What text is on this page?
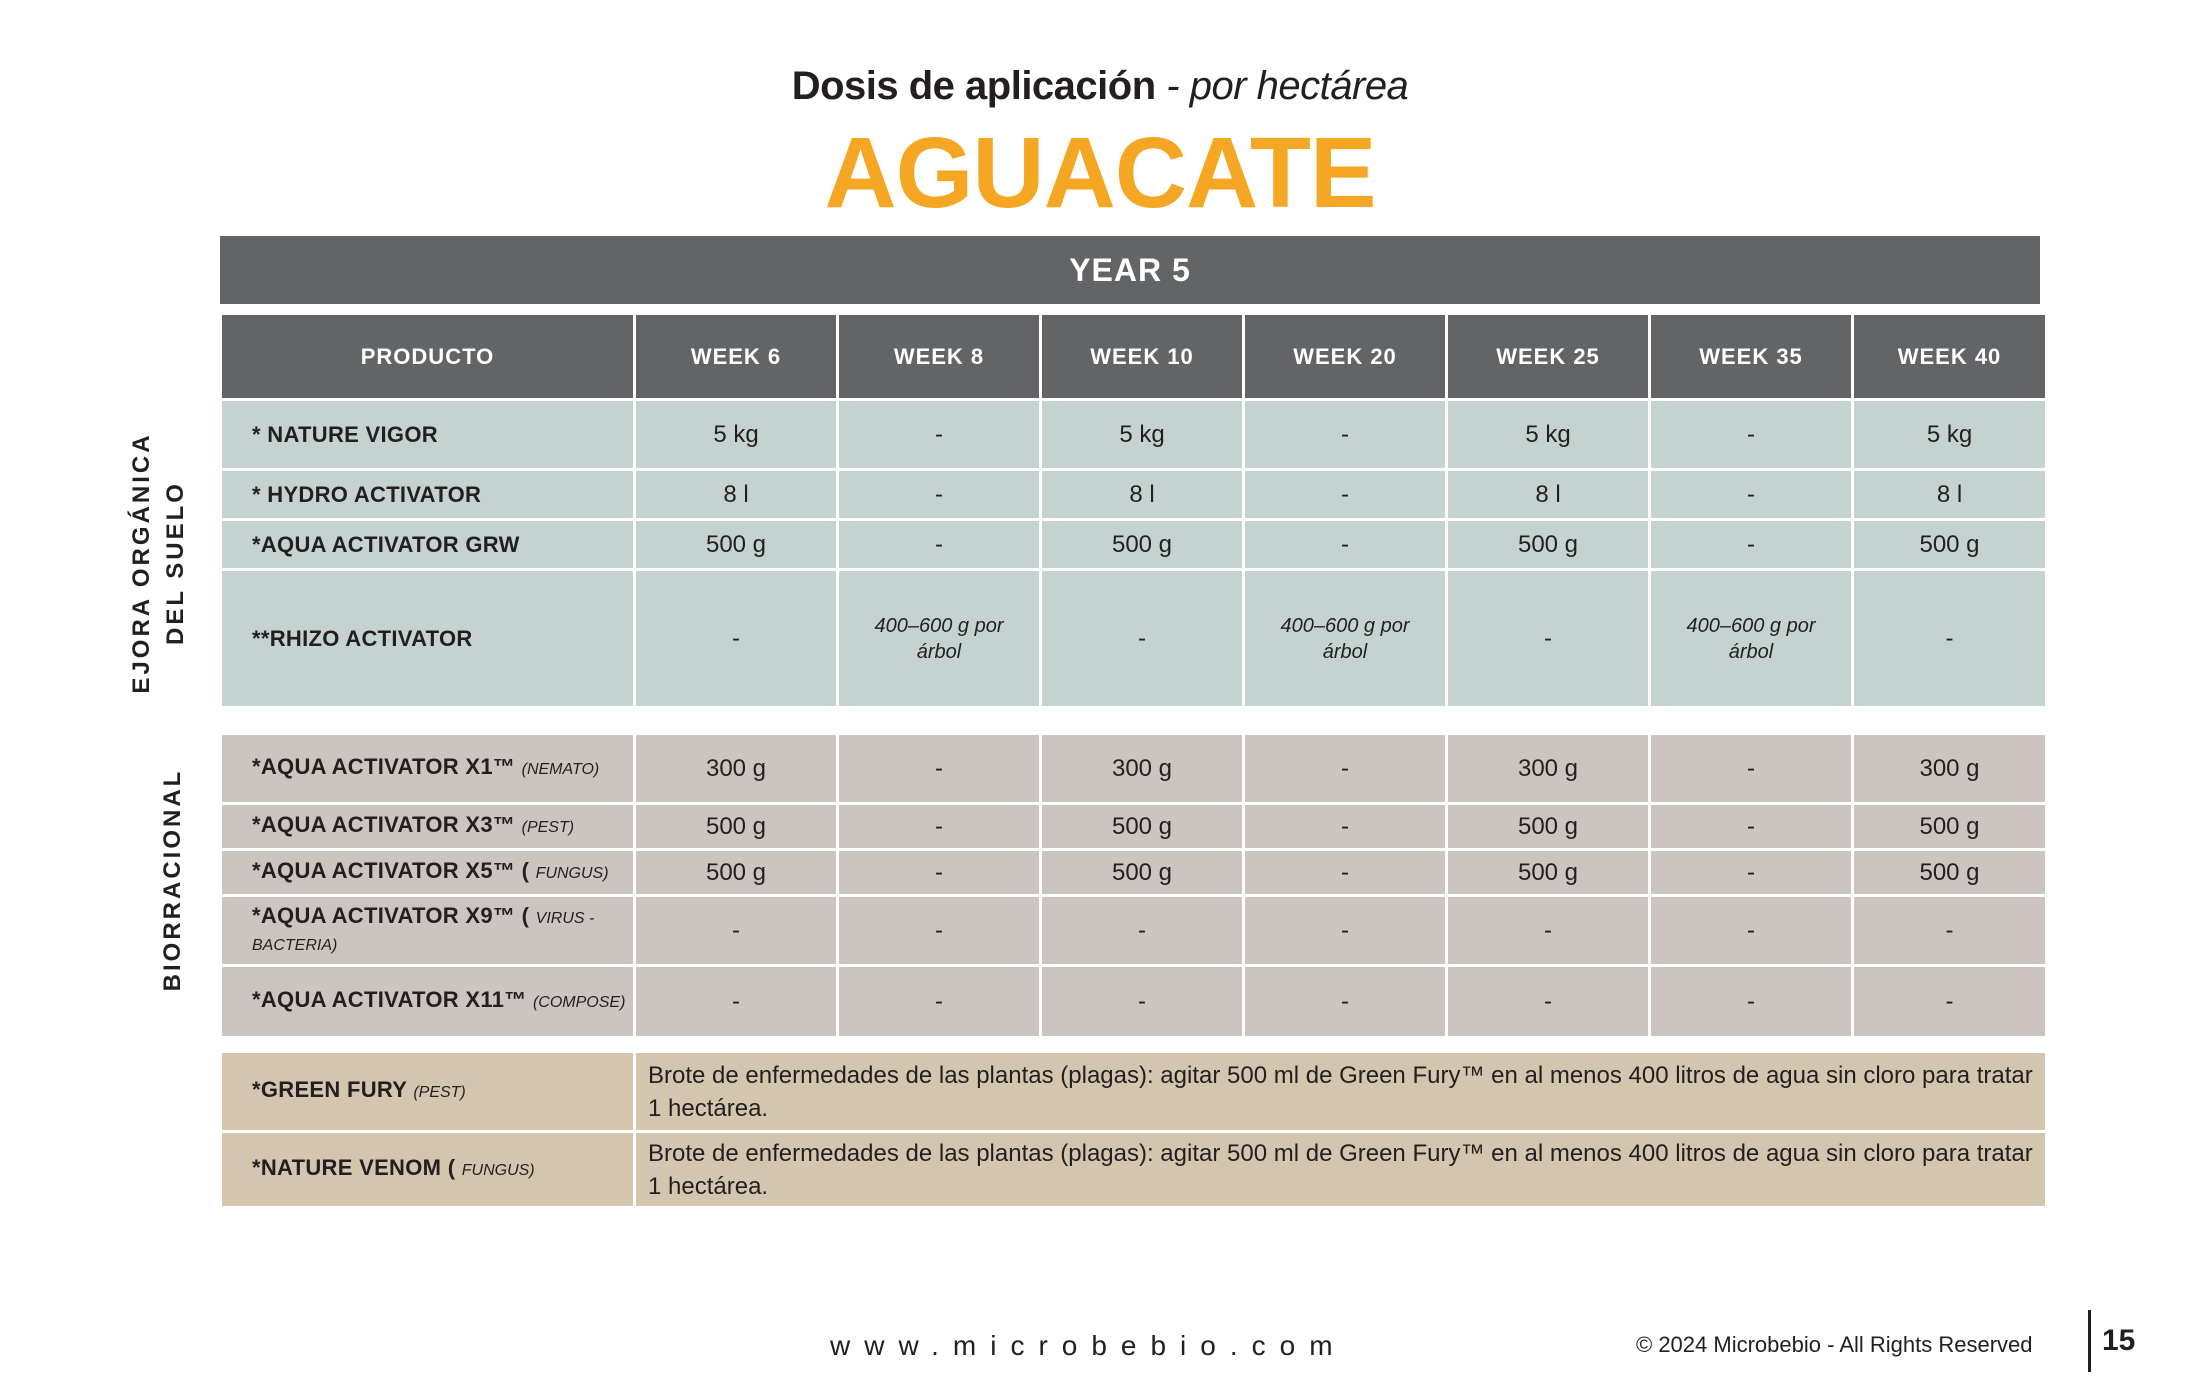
Dosis de aplicación - por hectárea
AGUACATE
YEAR 5
PRODUCTO	WEEK 6	WEEK 8	WEEK 10	WEEK 20	WEEK 25	WEEK 35	WEEK 40
* NATURE VIGOR	5 kg	-	5 kg	-	5 kg	-	5 kg
* HYDRO ACTIVATOR	8 l	-	8 l	-	8 l	-	8 l
*AQUA ACTIVATOR GRW	500 g	-	500 g	-	500 g	-	500 g
**RHIZO ACTIVATOR	-	400–600 g por árbol	-	400–600 g por árbol	-	400–600 g por árbol	-

*AQUA ACTIVATOR X1™ (NEMATO)	300 g	-	300 g	-	300 g	-	300 g
*AQUA ACTIVATOR X3™ (PEST)	500 g	-	500 g	-	500 g	-	500 g
*AQUA ACTIVATOR X5™ ( FUNGUS)	500 g	-	500 g	-	500 g	-	500 g
*AQUA ACTIVATOR X9™ ( VIRUS - BACTERIA)	-	-	-	-	-	-	-
*AQUA ACTIVATOR X11™ (COMPOSE)	-	-	-	-	-	-	-

*GREEN FURY (PEST)	Brote de enfermedades de las plantas (plagas): agitar 500 ml de Green Fury™ en al menos 400 litros de agua sin cloro para tratar 1 hectárea.						
*NATURE VENOM ( FUNGUS)	Brote de enfermedades de las plantas (plagas): agitar 500 ml de Green Fury™ en al menos 400 litros de agua sin cloro para tratar 1 hectárea.						
EJORA ORGÁNICA DEL SUELO
BIORRACIONAL
www.microbebio.com	© 2024 Microbebio - All Rights Reserved 15
